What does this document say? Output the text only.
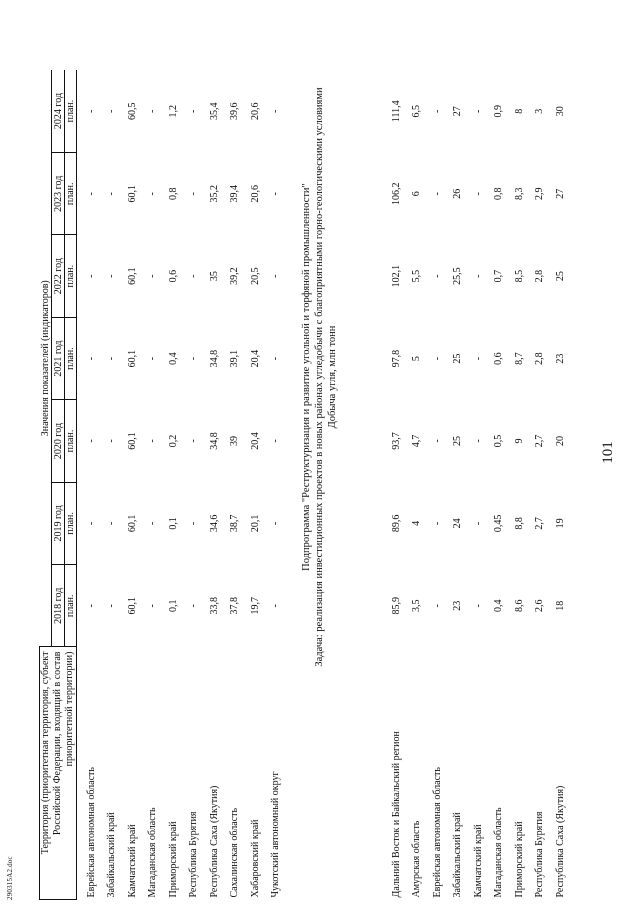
101
290315А2.doc
Территория (приоритетная территория, субъект Российской Федерации, входящий в состав приоритетной территории)	Значения показателей (индикаторов)						
	2018 год	2019 год	2020 год	2021 год	2022 год	2023 год	2024 год
	план.	план.	план.	план.	план.	план.	план.

Еврейская автономная область	-	-	-	-	-	-	-
Забайкальский край	-	-	-	-	-	-	-
Камчатский край	60,1	60,1	60,1	60,1	60,1	60,1	60,5
Магаданская область	-	-	-	-	-	-	-
Приморский край	0,1	0,1	0,2	0,4	0,6	0,8	1,2
Республика Бурятия	-	-	-	-	-	-	-
Республика Саха (Якутия)	33,8	34,6	34,8	34,8	35	35,2	35,4
Сахалинская область	37,8	38,7	39	39,1	39,2	39,4	39,6
Хабаровский край	19,7	20,1	20,4	20,4	20,5	20,6	20,6
Чукотский автономный округ	-	-	-	-	-	-	-

Дальний Восток и Байкальский регион	85,9	89,6	93,7	97,8	102,1	106,2	111,4
Амурская область	3,5	4	4,7	5	5,5	6	6,5
Еврейская автономная область	-	-	-	-	-	-	-
Забайкальский край	23	24	25	25	25,5	26	27
Камчатский край	-	-	-	-	-	-	-
Магаданская область	0,4	0,45	0,5	0,6	0,7	0,8	0,9
Приморский край	8,6	8,8	9	8,7	8,5	8,3	8
Республика Бурятия	2,6	2,7	2,7	2,8	2,8	2,9	3
Республика Саха (Якутия)	18	19	20	23	25	27	30
Подпрограмма "Реструктуризация и развитие угольной и торфяной промышленности" Задача: реализация инвестиционных проектов в новых районах угледобычи с благоприятными горно-геологическими условиями Добыча угля, млн тонн
